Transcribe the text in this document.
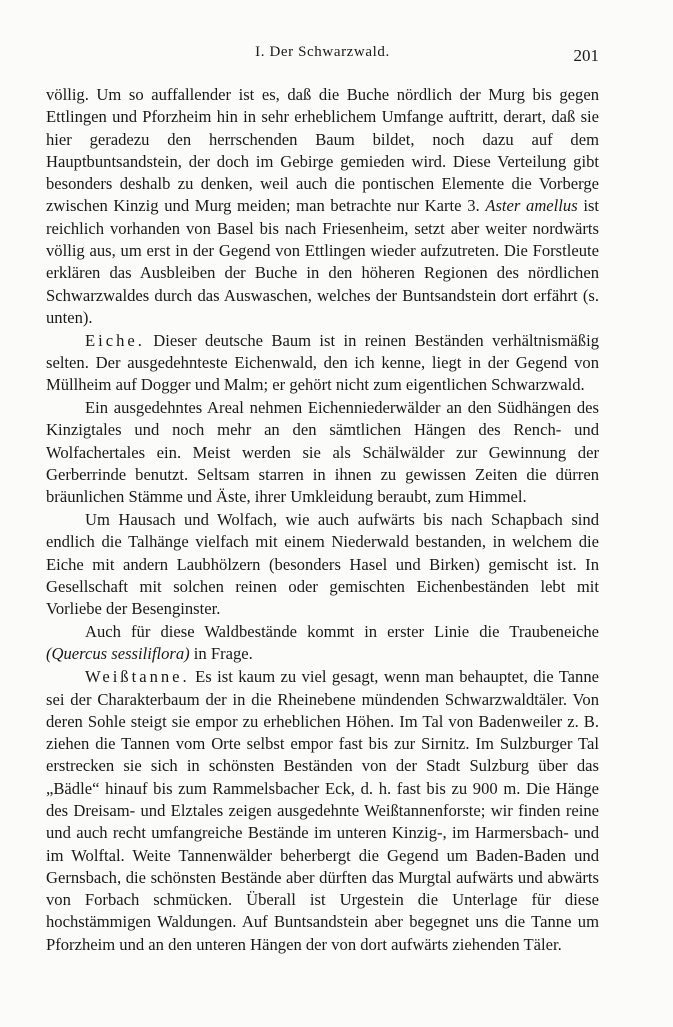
I. Der Schwarzwald.	201

völlig. Um so auffallender ist es, daß die Buche nördlich der Murg bis gegen Ettlingen und Pforzheim hin in sehr erheblichem Umfange auftritt, derart, daß sie hier geradezu den herrschenden Baum bildet, noch dazu auf dem Hauptbuntsandstein, der doch im Gebirge gemieden wird. Diese Verteilung gibt besonders deshalb zu denken, weil auch die pontischen Elemente die Vorberge zwischen Kinzig und Murg meiden; man betrachte nur Karte 3. Aster amellus ist reichlich vorhanden von Basel bis nach Friesenheim, setzt aber weiter nordwärts völlig aus, um erst in der Gegend von Ettlingen wieder aufzutreten. Die Forstleute erklären das Ausbleiben der Buche in den höheren Regionen des nördlichen Schwarzwaldes durch das Auswaschen, welches der Buntsandstein dort erfährt (s. unten).

Eiche. Dieser deutsche Baum ist in reinen Beständen verhältnismäßig selten. Der ausgedehnteste Eichenwald, den ich kenne, liegt in der Gegend von Müllheim auf Dogger und Malm; er gehört nicht zum eigentlichen Schwarzwald.

Ein ausgedehntes Areal nehmen Eichenniederwälder an den Südhängen des Kinzigtales und noch mehr an den sämtlichen Hängen des Rench- und Wolfachertales ein. Meist werden sie als Schälwälder zur Gewinnung der Gerberrinde benutzt. Seltsam starren in ihnen zu gewissen Zeiten die dürren bräunlichen Stämme und Äste, ihrer Umkleidung beraubt, zum Himmel.

Um Hausach und Wolfach, wie auch aufwärts bis nach Schapbach sind endlich die Talhänge vielfach mit einem Niederwald bestanden, in welchem die Eiche mit andern Laubhölzern (besonders Hasel und Birken) gemischt ist. In Gesellschaft mit solchen reinen oder gemischten Eichenbeständen lebt mit Vorliebe der Besenginster.

Auch für diese Waldbestände kommt in erster Linie die Traubeneiche (Quercus sessiliflora) in Frage.

Weißtanne. Es ist kaum zu viel gesagt, wenn man behauptet, die Tanne sei der Charakterbaum der in die Rheinebene mündenden Schwarzwaldtäler. Von deren Sohle steigt sie empor zu erheblichen Höhen. Im Tal von Badenweiler z. B. ziehen die Tannen vom Orte selbst empor fast bis zur Sirnitz. Im Sulzburger Tal erstrecken sie sich in schönsten Beständen von der Stadt Sulzburg über das „Bädle“ hinauf bis zum Rammelsbacher Eck, d. h. fast bis zu 900 m. Die Hänge des Dreisam- und Elztales zeigen ausgedehnte Weißtannenforste; wir finden reine und auch recht umfangreiche Bestände im unteren Kinzig-, im Harmersbach- und im Wolftal. Weite Tannenwälder beherbergt die Gegend um Baden-Baden und Gernsbach, die schönsten Bestände aber dürften das Murgtal aufwärts und abwärts von Forbach schmücken. Überall ist Urgestein die Unterlage für diese hochstämmigen Waldungen. Auf Buntsandstein aber begegnet uns die Tanne um Pforzheim und an den unteren Hängen der von dort aufwärts ziehenden Täler.
